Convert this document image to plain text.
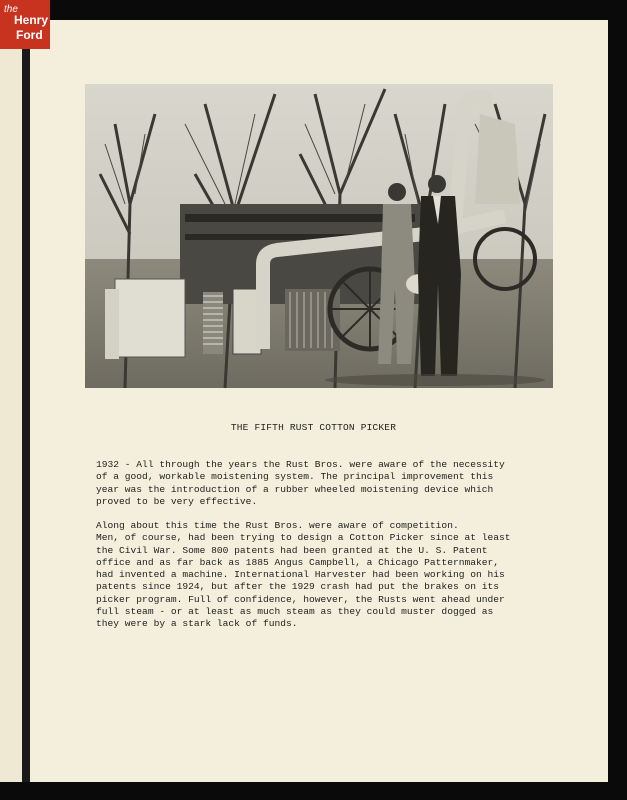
the
Henry
Ford
THE FIFTH RUST COTTON PICKER
1932 - All through the years the Rust Bros. were aware of the necessity
of a good, workable moistening system. The principal improvement this
year was the introduction of a rubber wheeled moistening device which
proved to be very effective.
Along about this time the Rust Bros. were aware of competition.
Men, of course, had been trying to design a Cotton Picker since at least
the Civil War. Some 800 patents had been granted at the U. S. Patent
office and as far back as 1885 Angus Campbell, a Chicago Patternmaker,
had invented a machine. International Harvester had been working on his
patents since 1924, but after the 1929 crash had put the brakes on its
picker program. Full of confidence, however, the Rusts went ahead under
full steam - or at least as much steam as they could muster dogged as
they were by a stark lack of funds.
